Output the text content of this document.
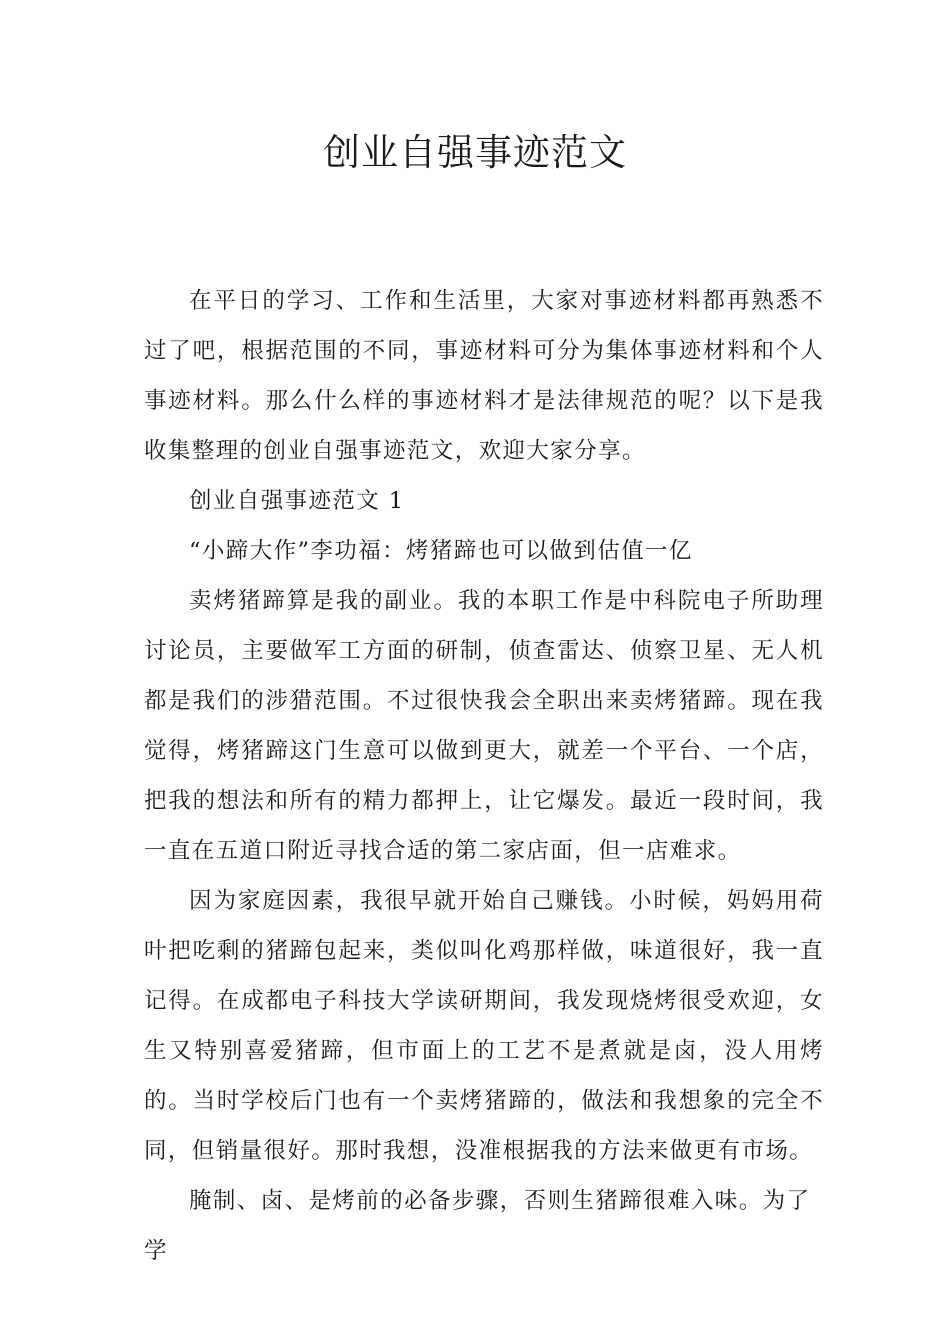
创业自强事迹范文

在平日的学习、工作和生活里，大家对事迹材料都再熟悉不过了吧，根据范围的不同，事迹材料可分为集体事迹材料和个人事迹材料。那么什么样的事迹材料才是法律规范的呢？以下是我收集整理的创业自强事迹范文，欢迎大家分享。

创业自强事迹范文 1

“小蹄大作”李功福：烤猪蹄也可以做到估值一亿

卖烤猪蹄算是我的副业。我的本职工作是中科院电子所助理讨论员，主要做军工方面的研制，侦查雷达、侦察卫星、无人机都是我们的涉猎范围。不过很快我会全职出来卖烤猪蹄。现在我觉得，烤猪蹄这门生意可以做到更大，就差一个平台、一个店，把我的想法和所有的精力都押上，让它爆发。最近一段时间，我一直在五道口附近寻找合适的第二家店面，但一店难求。

因为家庭因素，我很早就开始自己赚钱。小时候，妈妈用荷叶把吃剩的猪蹄包起来，类似叫化鸡那样做，味道很好，我一直记得。在成都电子科技大学读研期间，我发现烧烤很受欢迎，女生又特别喜爱猪蹄，但市面上的工艺不是煮就是卤，没人用烤的。当时学校后门也有一个卖烤猪蹄的，做法和我想象的完全不同，但销量很好。那时我想，没准根据我的方法来做更有市场。

腌制、卤、是烤前的必备步骤，否则生猪蹄很难入味。为了学
